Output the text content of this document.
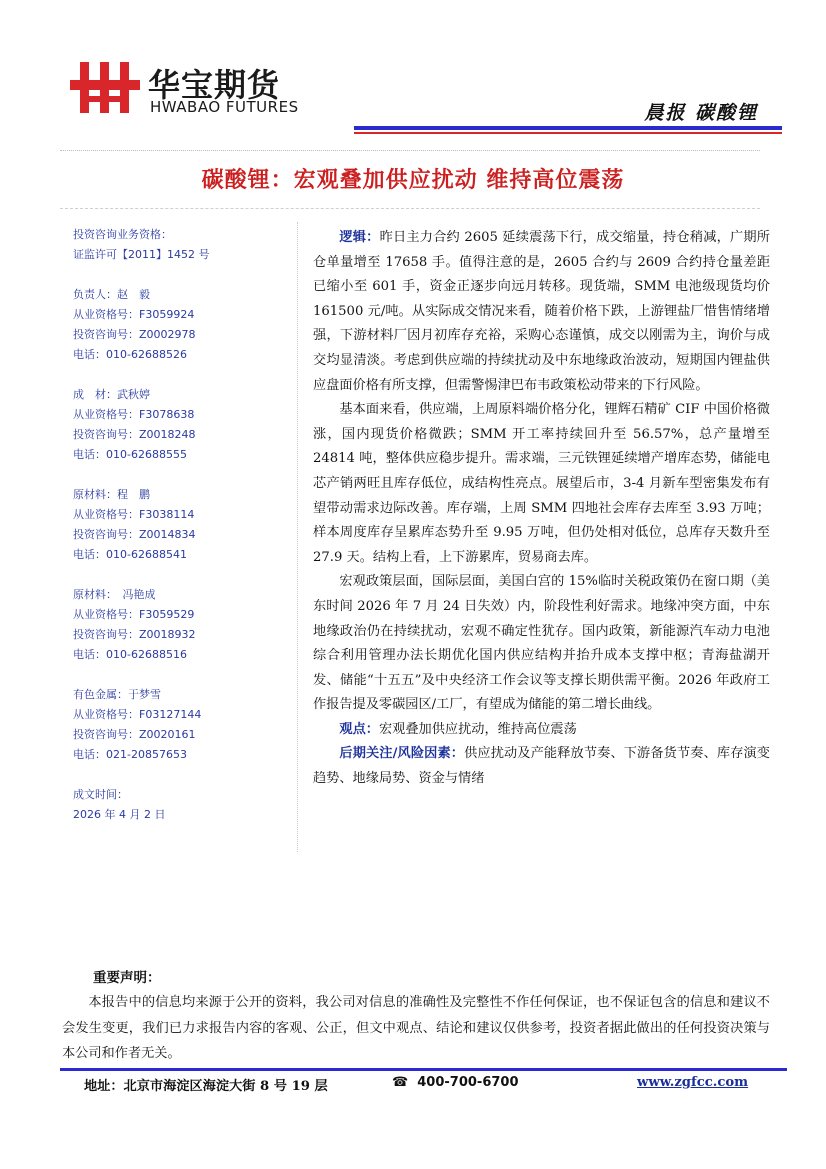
华宝期货
HWABAO FUTURES	晨报 碳酸锂
碳酸锂：宏观叠加供应扰动 维持高位震荡
投资咨询业务资格：
证监许可【2011】1452 号
负责人：赵　毅
从业资格号：F3059924
投资咨询号：Z0002978
电话：010-62688526
成　材：武秋婷
从业资格号：F3078638
投资咨询号：Z0018248
电话：010-62688555
原材料：程　鹏
从业资格号：F3038114
投资咨询号：Z0014834
电话：010-62688541
原材料：　冯艳成
从业资格号：F3059529
投资咨询号：Z0018932
电话：010-62688516
有色金属：于梦雪
从业资格号：F03127144
投资咨询号：Z0020161
电话：021-20857653
成文时间：
2026 年 4 月 2 日

逻辑：昨日主力合约 2605 延续震荡下行，成交缩量，持仓稍减，广期所仓单量增至 17658 手。值得注意的是，2605 合约与 2609 合约持仓量差距已缩小至 601 手，资金正逐步向远月转移。现货端，SMM 电池级现货均价 161500 元/吨。从实际成交情况来看，随着价格下跌，上游锂盐厂惜售情绪增强，下游材料厂因月初库存充裕，采购心态谨慎，成交以刚需为主，询价与成交均显清淡。考虑到供应端的持续扰动及中东地缘政治波动，短期国内锂盐供应盘面价格有所支撑，但需警惕津巴布韦政策松动带来的下行风险。

基本面来看，供应端，上周原料端价格分化，锂辉石精矿 CIF 中国价格微涨，国内现货价格微跌；SMM 开工率持续回升至 56.57%，总产量增至 24814 吨，整体供应稳步提升。需求端，三元铁锂延续增产增库态势，储能电芯产销两旺且库存低位，成结构性亮点。展望后市，3-4 月新车型密集发布有望带动需求边际改善。库存端，上周 SMM 四地社会库存去库至 3.93 万吨；样本周度库存呈累库态势升至 9.95 万吨，但仍处相对低位，总库存天数升至 27.9 天。结构上看，上下游累库，贸易商去库。

宏观政策层面，国际层面，美国白宫的 15%临时关税政策仍在窗口期（美东时间 2026 年 7 月 24 日失效）内，阶段性利好需求。地缘冲突方面，中东地缘政治仍在持续扰动，宏观不确定性犹存。国内政策，新能源汽车动力电池综合利用管理办法长期优化国内供应结构并抬升成本支撑中枢；青海盐湖开发、储能“十五五”及中央经济工作会议等支撑长期供需平衡。2026 年政府工作报告提及零碳园区/工厂，有望成为储能的第二增长曲线。

观点：宏观叠加供应扰动，维持高位震荡

后期关注/风险因素：供应扰动及产能释放节奏、下游备货节奏、库存演变趋势、地缘局势、资金与情绪

重要声明：
本报告中的信息均来源于公开的资料，我公司对信息的准确性及完整性不作任何保证，也不保证包含的信息和建议不会发生变更，我们已力求报告内容的客观、公正，但文中观点、结论和建议仅供参考，投资者据此做出的任何投资决策与本公司和作者无关。
地址：北京市海淀区海淀大街 8 号 19 层	☎ 400-700-6700	www.zgfcc.com
